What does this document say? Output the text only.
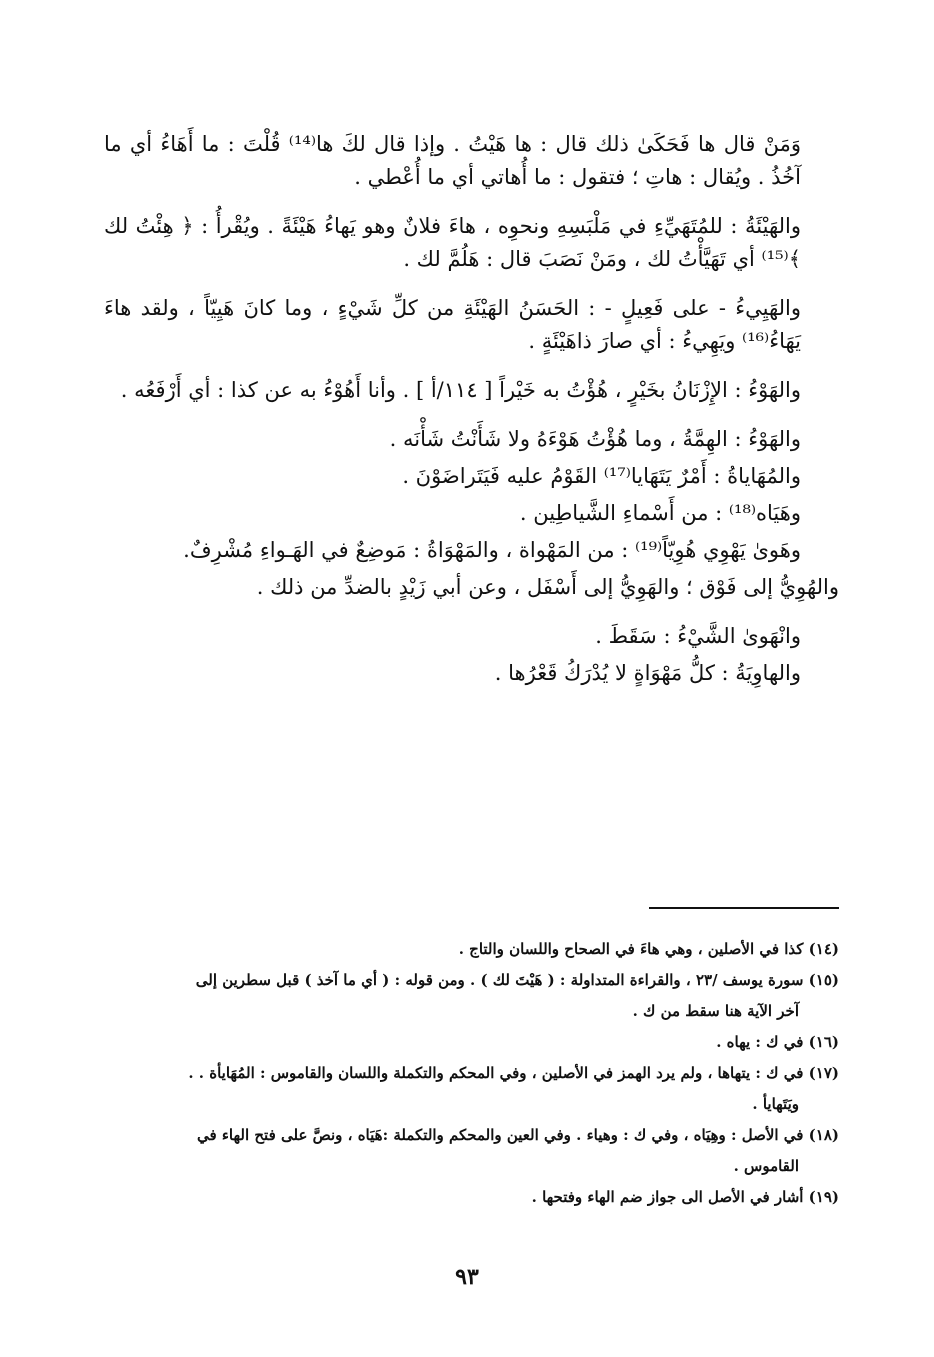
وَمَنْ قال ها فَحَكَىٰ ذلك قال : ها هَيْتُ . وإذا قال لكَ ها⁽¹⁴⁾ قُلْتَ : ما أَهَاءُ أي ما آخُذُ . ويُقال : هاتِ ؛ فتقول : ما أُهاتي أي ما أُعْطي .

والهَيْئَةُ : للمُتَهَيِّءِ في مَلْبَسِهِ ونحوِه ، هاءَ فلانٌ وهو يَهاءُ هَيْئَةً . ويُقْرأُ : ﴿ هِئْتُ لك ﴾⁽¹⁵⁾ أي تَهَيَّأْتُ لك ، ومَنْ نَصَبَ قال : هَلُمَّ لك .

والهَيِيءُ - على فَعِيلٍ - : الحَسَنُ الهَيْئَةِ من كلِّ شَيْءٍ ، وما كانَ هَيِيّاً ، ولقد هاءَ يَهَاءُ⁽¹⁶⁾ ويَهِيءُ : أي صارَ ذاهَيْئَةٍ .

والهَوْءُ : الإِزْنَانُ بخَيْرٍ ، هُؤْتُ به خَيْراً [ ١١٤/أ ] . وأنا أَهُوْءُ به عن كذا : أي أَرْفَعُه .

والهَوْءُ : الهِمَّةُ ، وما هُؤْتُ هَوْءَهُ ولا شَأَنْتُ شَأْنَه .

والمُهَاياةُ : أَمْرٌ يَتَهَايا⁽¹⁷⁾ القَوْمُ عليه فَيَتَراضَوْنَ .

وهَيَاه⁽¹⁸⁾ : من أَسْماءِ الشَّياطِين .

وهَوىٰ يَهْوِي هُوِيّاً⁽¹⁹⁾ : من المَهْواة ، والمَهْوَاةُ : مَوضِعٌ في الهَـواءِ مُشْرِفٌ.

والهُوِيُّ إلى فَوْق ؛ والهَوِيُّ إلى أَسْفَل ، وعن أبي زَيْدٍ بالضدِّ من ذلك .

وانْهَوىٰ الشَّيْءُ : سَقَطَ .

والهاوِيَةُ : كلُّ مَهْوَاةٍ لا يُدْرَكُ قَعْرُها .

(١٤) كذا في الأصلين ، وهي هاءَ في الصحاح واللسان والتاج .

(١٥) سورة يوسف /٢٣ ، والقراءة المتداولة : ( هَيْتَ لك ) . ومن قوله : ( أي ما آخذ ) قبل سطرين إلى

آخر الآية هنا سقط من ك .

(١٦) في ك : يهاه .

(١٧) في ك : يتهاها ، ولم يرد الهمز في الأصلين ، وفي المحكم والتكملة واللسان والقاموس : المُهَايأة . .

ويَتَهايأ .

(١٨) في الأصل : وهِيَاه ، وفي ك : وهياء . وفي العين والمحكم والتكملة :هَيَاه ، ونصَّ على فتح الهاء في

القاموس .

(١٩) أشار في الأصل الى جواز ضم الهاء وفتحها .

٩٣
